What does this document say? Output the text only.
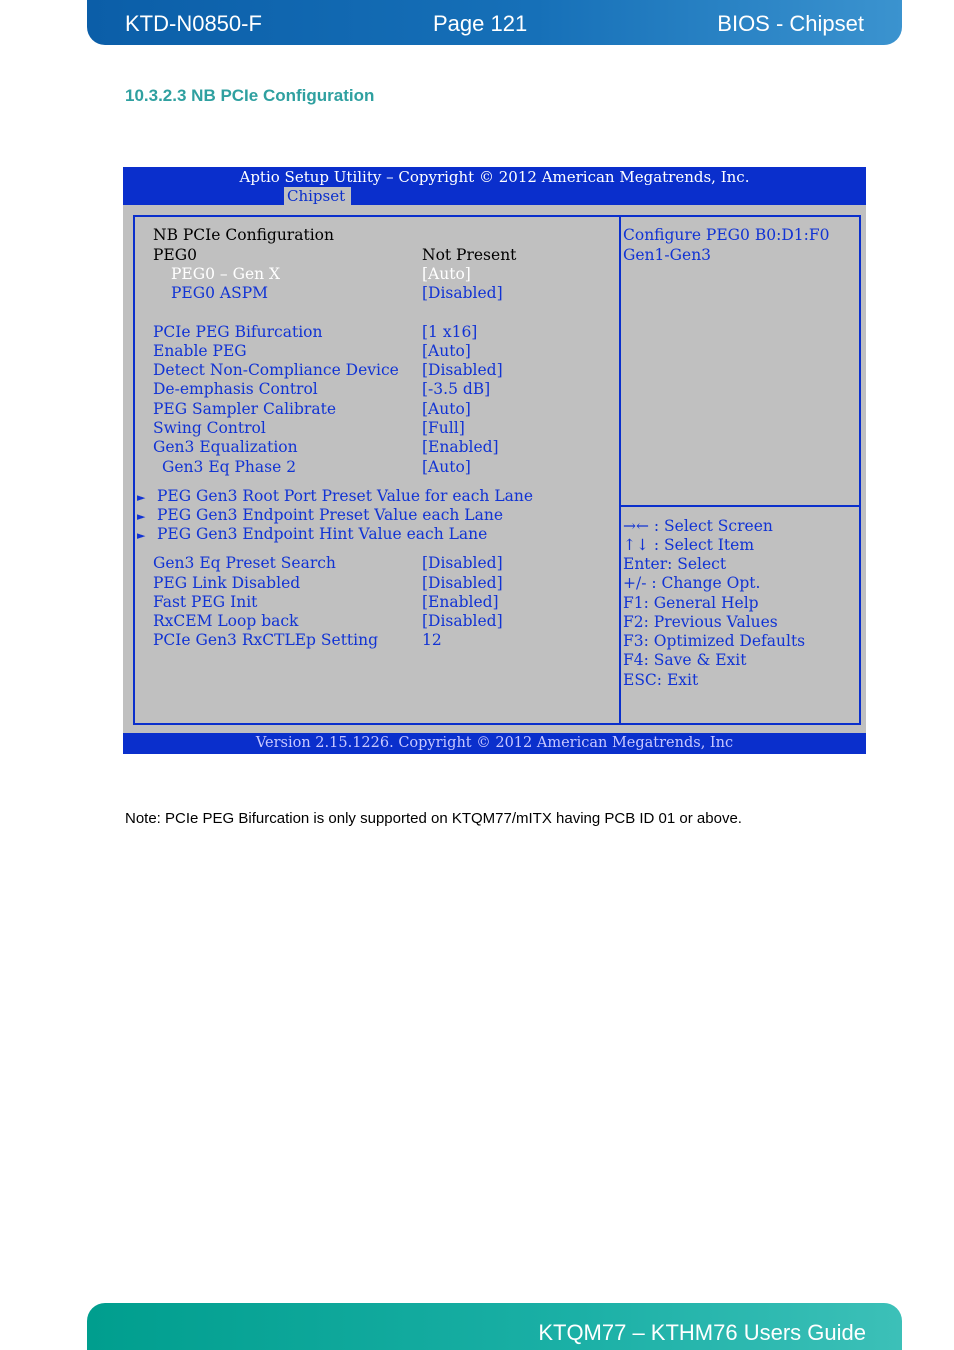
KTD-N0850-F	Page 121	BIOS - Chipset
10.3.2.3 NB PCIe Configuration
Aptio Setup Utility – Copyright © 2012 American Megatrends, Inc.
Chipset
NB PCIe Configuration
PEG0	Not Present
PEG0 – Gen X	[Auto]
PEG0 ASPM	[Disabled]
PCIe PEG Bifurcation	[1 x16]
Enable PEG	[Auto]
Detect Non-Compliance Device [Disabled]
De-emphasis Control	[-3.5 dB]
PEG Sampler Calibrate	[Auto]
Swing Control	[Full]
Gen3 Equalization	[Enabled]
Gen3 Eq Phase 2	[Auto]
► PEG Gen3 Root Port Preset Value for each Lane
► PEG Gen3 Endpoint Preset Value each Lane
► PEG Gen3 Endpoint Hint Value each Lane
Gen3 Eq Preset Search	[Disabled]
PEG Link Disabled	[Disabled]
Fast PEG Init	[Enabled]
RxCEM Loop back	[Disabled]
PCIe Gen3 RxCTLEp Setting	12
Configure PEG0 B0:D1:F0
Gen1-Gen3
→← : Select Screen
↑↓ : Select Item
Enter: Select
+/- : Change Opt.
F1: General Help
F2: Previous Values
F3: Optimized Defaults
F4: Save & Exit
ESC: Exit
Version 2.15.1226. Copyright © 2012 American Megatrends, Inc
Note: PCIe PEG Bifurcation is only supported on KTQM77/mITX having PCB ID 01 or above.
KTQM77 – KTHM76 Users Guide
